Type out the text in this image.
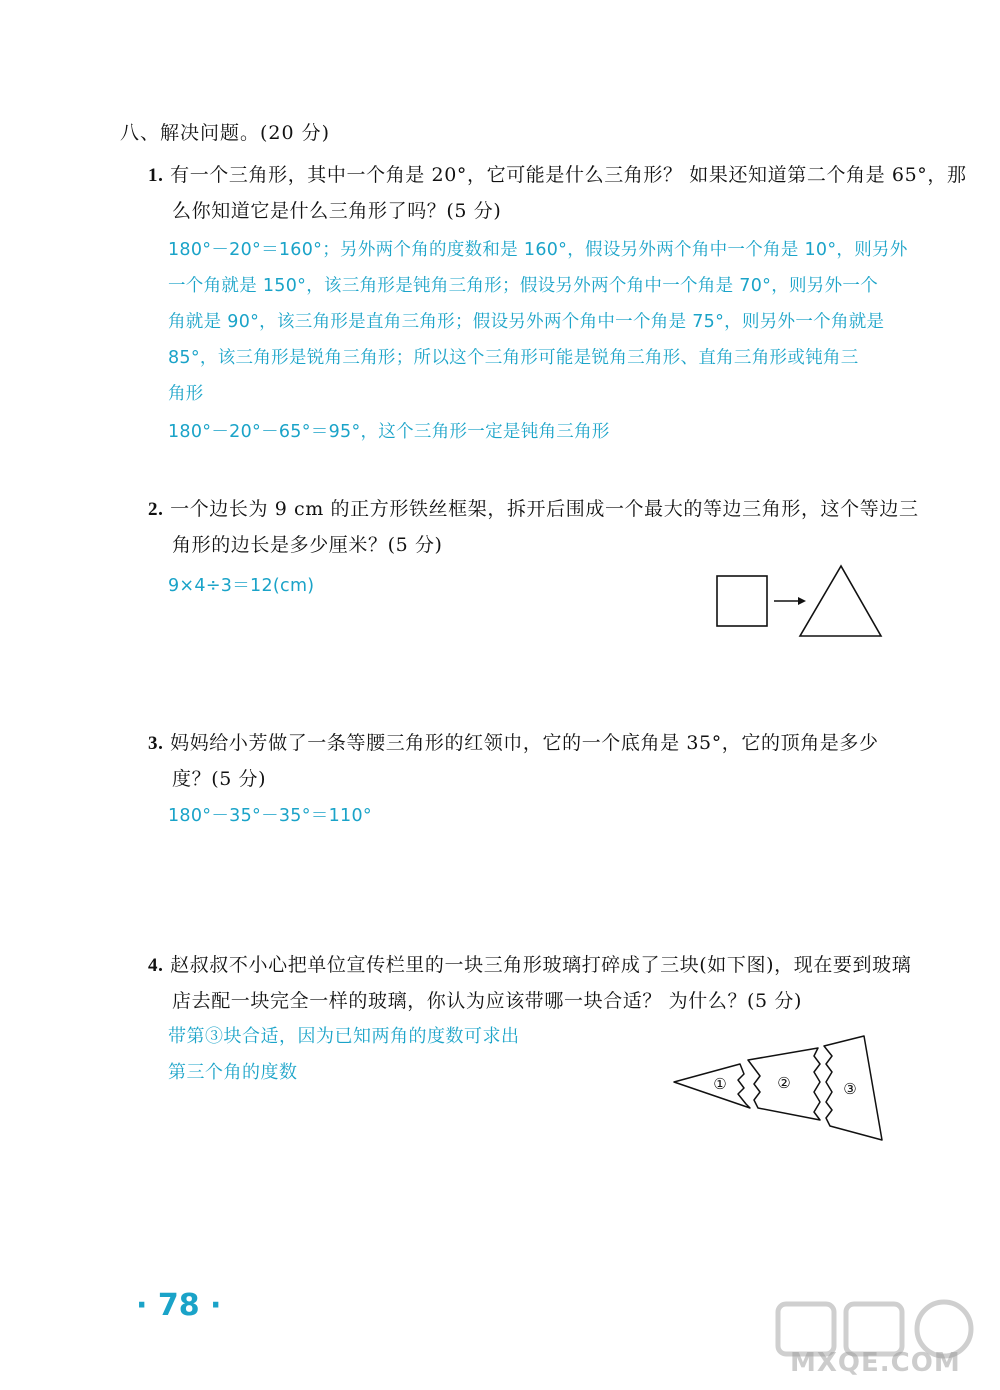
八、解决问题。(20 分)
1. 有一个三角形，其中一个角是 20°，它可能是什么三角形？ 如果还知道第二个角是 65°，那
么你知道它是什么三角形了吗？(5 分)
180°－20°＝160°；另外两个角的度数和是 160°，假设另外两个角中一个角是 10°，则另外
一个角就是 150°，该三角形是钝角三角形；假设另外两个角中一个角是 70°，则另外一个
角就是 90°，该三角形是直角三角形；假设另外两个角中一个角是 75°，则另外一个角就是
85°，该三角形是锐角三角形；所以这个三角形可能是锐角三角形、直角三角形或钝角三
角形
180°－20°－65°＝95°，这个三角形一定是钝角三角形
2. 一个边长为 9 cm 的正方形铁丝框架，拆开后围成一个最大的等边三角形，这个等边三
角形的边长是多少厘米？(5 分)
9×4÷3＝12(cm)
3. 妈妈给小芳做了一条等腰三角形的红领巾，它的一个底角是 35°，它的顶角是多少
度？(5 分)
180°－35°－35°＝110°
4. 赵叔叔不小心把单位宣传栏里的一块三角形玻璃打碎成了三块(如下图)，现在要到玻璃
店去配一块完全一样的玻璃，你认为应该带哪一块合适？ 为什么？(5 分)
带第③块合适，因为已知两角的度数可求出
第三个角的度数
①	②	③
· 78 ·
MXQE.COM
